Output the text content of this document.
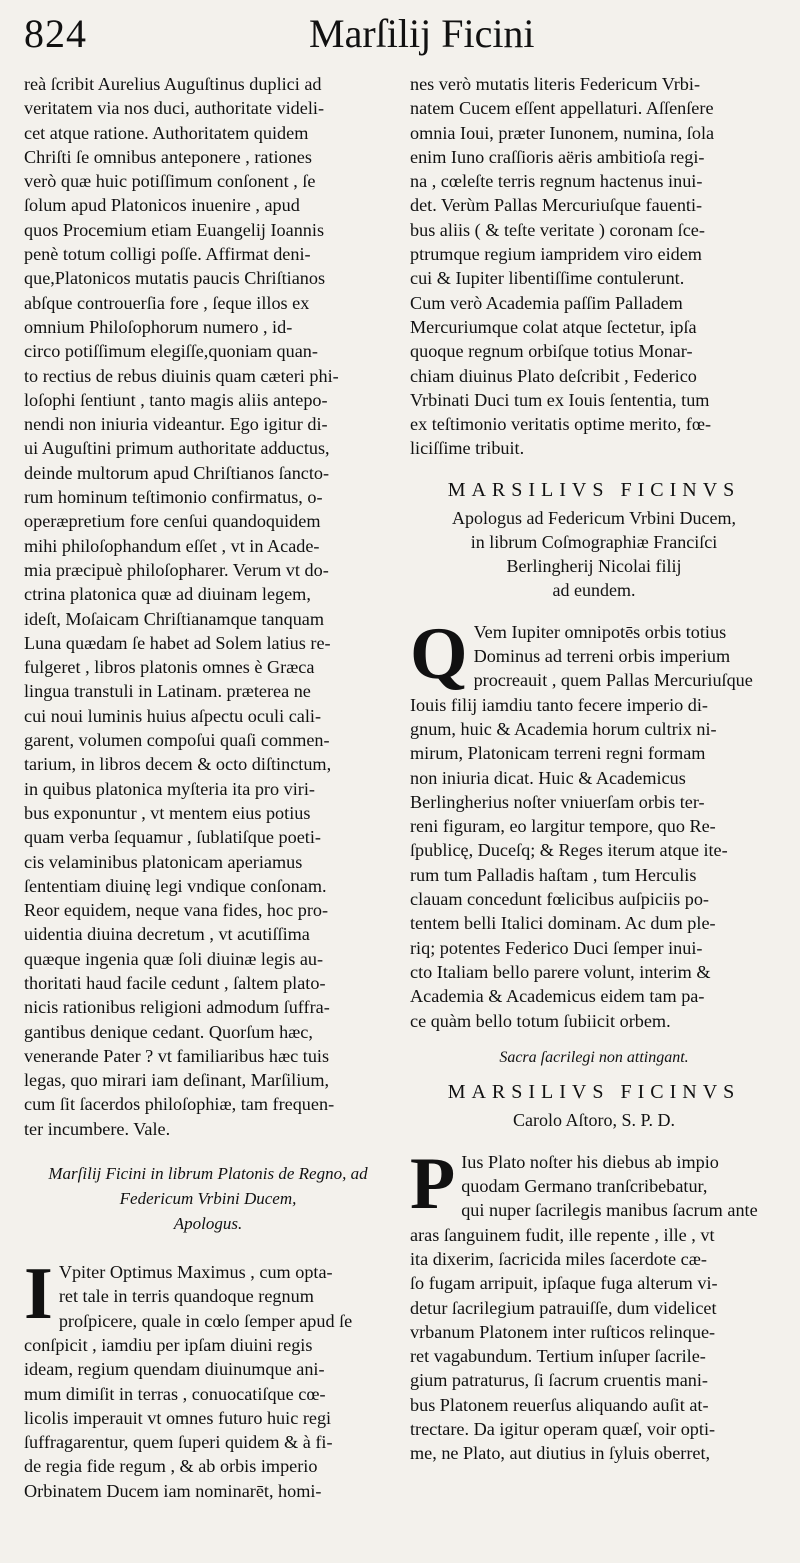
824	Marſilij Ficini

reà ſcribit Aurelius Auguſtinus duplici ad
veritatem via nos duci, authoritate videli-
cet atque ratione. Authoritatem quidem
Chriſti ſe omnibus anteponere , rationes
verò quæ huic potiſſimum conſonent , ſe
ſolum apud Platonicos inuenire , apud
quos Procemium etiam Euangelij Ioannis
penè totum colligi poſſe. Affirmat deni-
que,Platonicos mutatis paucis Chriſtianos
abſque controuerſia fore , ſeque illos ex
omnium Philoſophorum numero , id-
circo potiſſimum elegiſſe,quoniam quan-
to rectius de rebus diuinis quam cæteri phi-
loſophi ſentiunt , tanto magis aliis antepo-
nendi non iniuria videantur. Ego igitur di-
ui Auguſtini primum authoritate adductus,
deinde multorum apud Chriſtianos ſancto-
rum hominum teſtimonio confirmatus, o-
operæpretium fore cenſui quandoquidem
mihi philoſophandum eſſet , vt in Acade-
mia præcipuè philoſopharer. Verum vt do-
ctrina platonica quæ ad diuinam legem,
ideſt, Moſaicam Chriſtianamque tanquam
Luna quædam ſe habet ad Solem latius re-
fulgeret , libros platonis omnes è Græca
lingua transtuli in Latinam. præterea ne
cui noui luminis huius aſpectu oculi cali-
garent, volumen compoſui quaſi commen-
tarium, in libros decem & octo diſtinctum,
in quibus platonica myſteria ita pro viri-
bus exponuntur , vt mentem eius potius
quam verba ſequamur , ſublatiſque poeti-
cis velaminibus platonicam aperiamus
ſententiam diuinę legi vndique conſonam.
Reor equidem, neque vana fides, hoc pro-
uidentia diuina decretum , vt acutiſſima
quæque ingenia quæ ſoli diuinæ legis au-
thoritati haud facile cedunt , ſaltem plato-
nicis rationibus religioni admodum ſuffra-
gantibus denique cedant. Quorſum hæc,
venerande Pater ? vt familiaribus hæc tuis
legas, quo mirari iam deſinant, Marſilium,
cum ſit ſacerdos philoſophiæ, tam frequen-
ter incumbere. Vale.

Marſilij Ficini in librum Platonis de Regno, ad
Federicum Vrbini Ducem,
Apologus.

I Vpiter Optimus Maximus , cum opta-
ret tale in terris quandoque regnum
proſpicere, quale in cœlo ſemper apud ſe
conſpicit , iamdiu per ipſam diuini regis
ideam, regium quendam diuinumque ani-
mum dimiſit in terras , conuocatiſque cœ-
licolis imperauit vt omnes futuro huic regi
ſuffragarentur, quem ſuperi quidem & à fi-
de regia fide regum , & ab orbis imperio
Orbinatem Ducem iam nominarēt, homi-

nes verò mutatis literis Federicum Vrbi-
natem Cucem eſſent appellaturi. Aſſenſere
omnia Ioui, præter Iunonem, numina, ſola
enim Iuno craſſioris aëris ambitioſa regi-
na , cœleſte terris regnum hactenus inui-
det. Verùm Pallas Mercuriuſque fauenti-
bus aliis ( & teſte veritate ) coronam ſce-
ptrumque regium iampridem viro eidem
cui & Iupiter libentiſſime contulerunt.
Cum verò Academia paſſim Palladem
Mercuriumque colat atque ſectetur, ipſa
quoque regnum orbiſque totius Monar-
chiam diuinus Plato deſcribit , Federico
Vrbinati Duci tum ex Iouis ſententia, tum
ex teſtimonio veritatis optime merito, fœ-
liciſſime tribuit.

MARSILIVS FICINVS
Apologus ad Federicum Vrbini Ducem,
in librum Coſmographiæ Franciſci
Berlingherij Nicolai filij
ad eundem.

Q Vem Iupiter omnipotēs orbis totius
Dominus ad terreni orbis imperium
procreauit , quem Pallas Mercuriuſque
Iouis filij iamdiu tanto fecere imperio di-
gnum, huic & Academia horum cultrix ni-
mirum, Platonicam terreni regni formam
non iniuria dicat. Huic & Academicus
Berlingherius noſter vniuerſam orbis ter-
reni figuram, eo largitur tempore, quo Re-
ſpublicę, Duceſq; & Reges iterum atque ite-
rum tum Palladis haſtam , tum Herculis
clauam concedunt fœlicibus auſpiciis po-
tentem belli Italici dominam. Ac dum ple-
riq; potentes Federico Duci ſemper inui-
cto Italiam bello parere volunt, interim &
Academia & Academicus eidem tam pa-
ce quàm bello totum ſubiicit orbem.

Sacra ſacrilegi non attingant.
MARSILIVS FICINVS
Carolo Aſtoro, S. P. D.

P Ius Plato noſter his diebus ab impio
quodam Germano tranſcribebatur,
qui nuper ſacrilegis manibus ſacrum ante
aras ſanguinem fudit, ille repente , ille , vt
ita dixerim, ſacricida miles ſacerdote cæ-
ſo fugam arripuit, ipſaque fuga alterum vi-
detur ſacrilegium patrauiſſe, dum videlicet
vrbanum Platonem inter ruſticos relinque-
ret vagabundum. Tertium inſuper ſacrile-
gium patraturus, ſi ſacrum cruentis mani-
bus Platonem reuerſus aliquando auſit at-
trectare. Da igitur operam quæſ, voir opti-
me, ne Plato, aut diutius in ſyluis oberret,
